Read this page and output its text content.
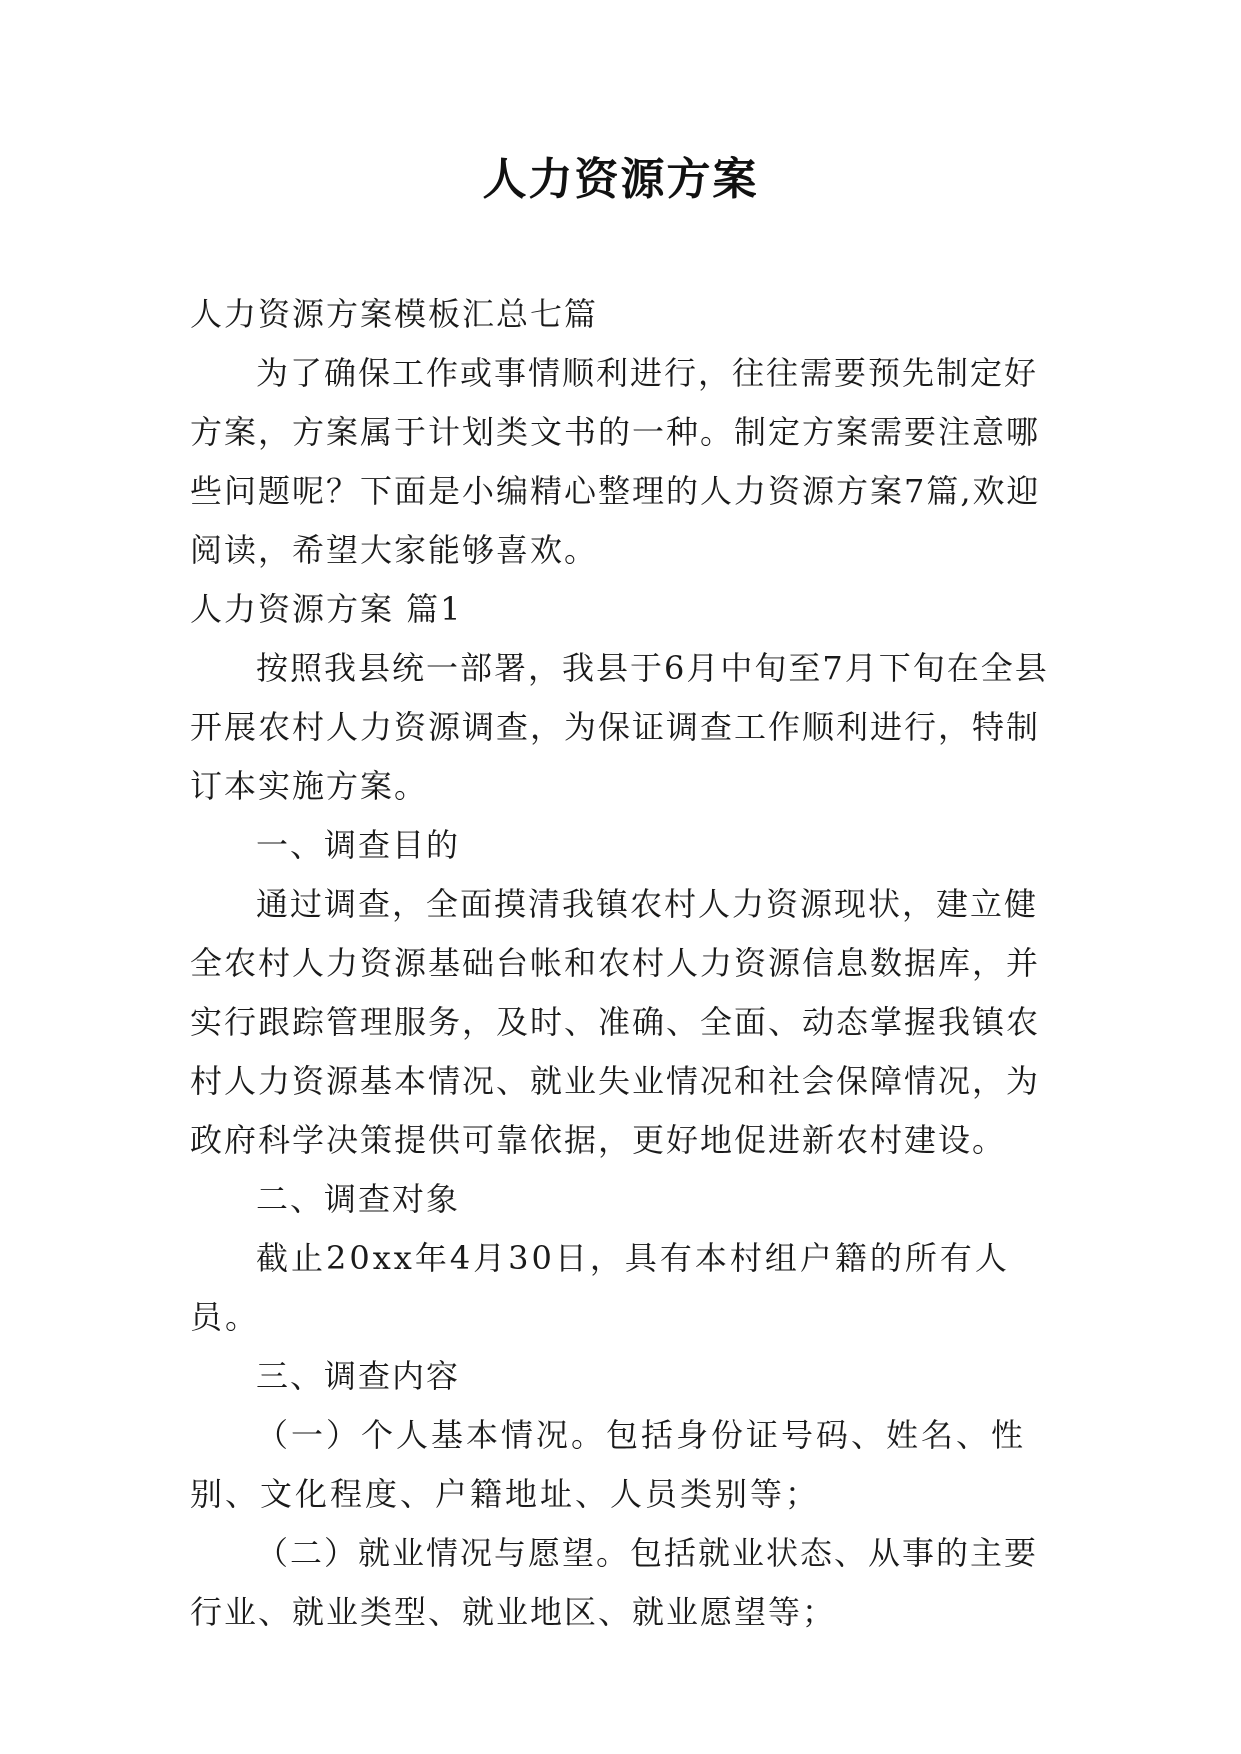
人力资源方案

人力资源方案模板汇总七篇

为了确保工作或事情顺利进行，往往需要预先制定好方案，方案属于计划类文书的一种。制定方案需要注意哪些问题呢？下面是小编精心整理的人力资源方案7篇,欢迎阅读，希望大家能够喜欢。

人力资源方案 篇1

按照我县统一部署，我县于6月中旬至7月下旬在全县开展农村人力资源调查，为保证调查工作顺利进行，特制订本实施方案。

一、调查目的

通过调查，全面摸清我镇农村人力资源现状，建立健全农村人力资源基础台帐和农村人力资源信息数据库，并实行跟踪管理服务，及时、准确、全面、动态掌握我镇农村人力资源基本情况、就业失业情况和社会保障情况，为政府科学决策提供可靠依据，更好地促进新农村建设。

二、调查对象

截止20xx年4月30日，具有本村组户籍的所有人员。

三、调查内容

（一）个人基本情况。包括身份证号码、姓名、性别、文化程度、户籍地址、人员类别等；

（二）就业情况与愿望。包括就业状态、从事的主要行业、就业类型、就业地区、就业愿望等；
